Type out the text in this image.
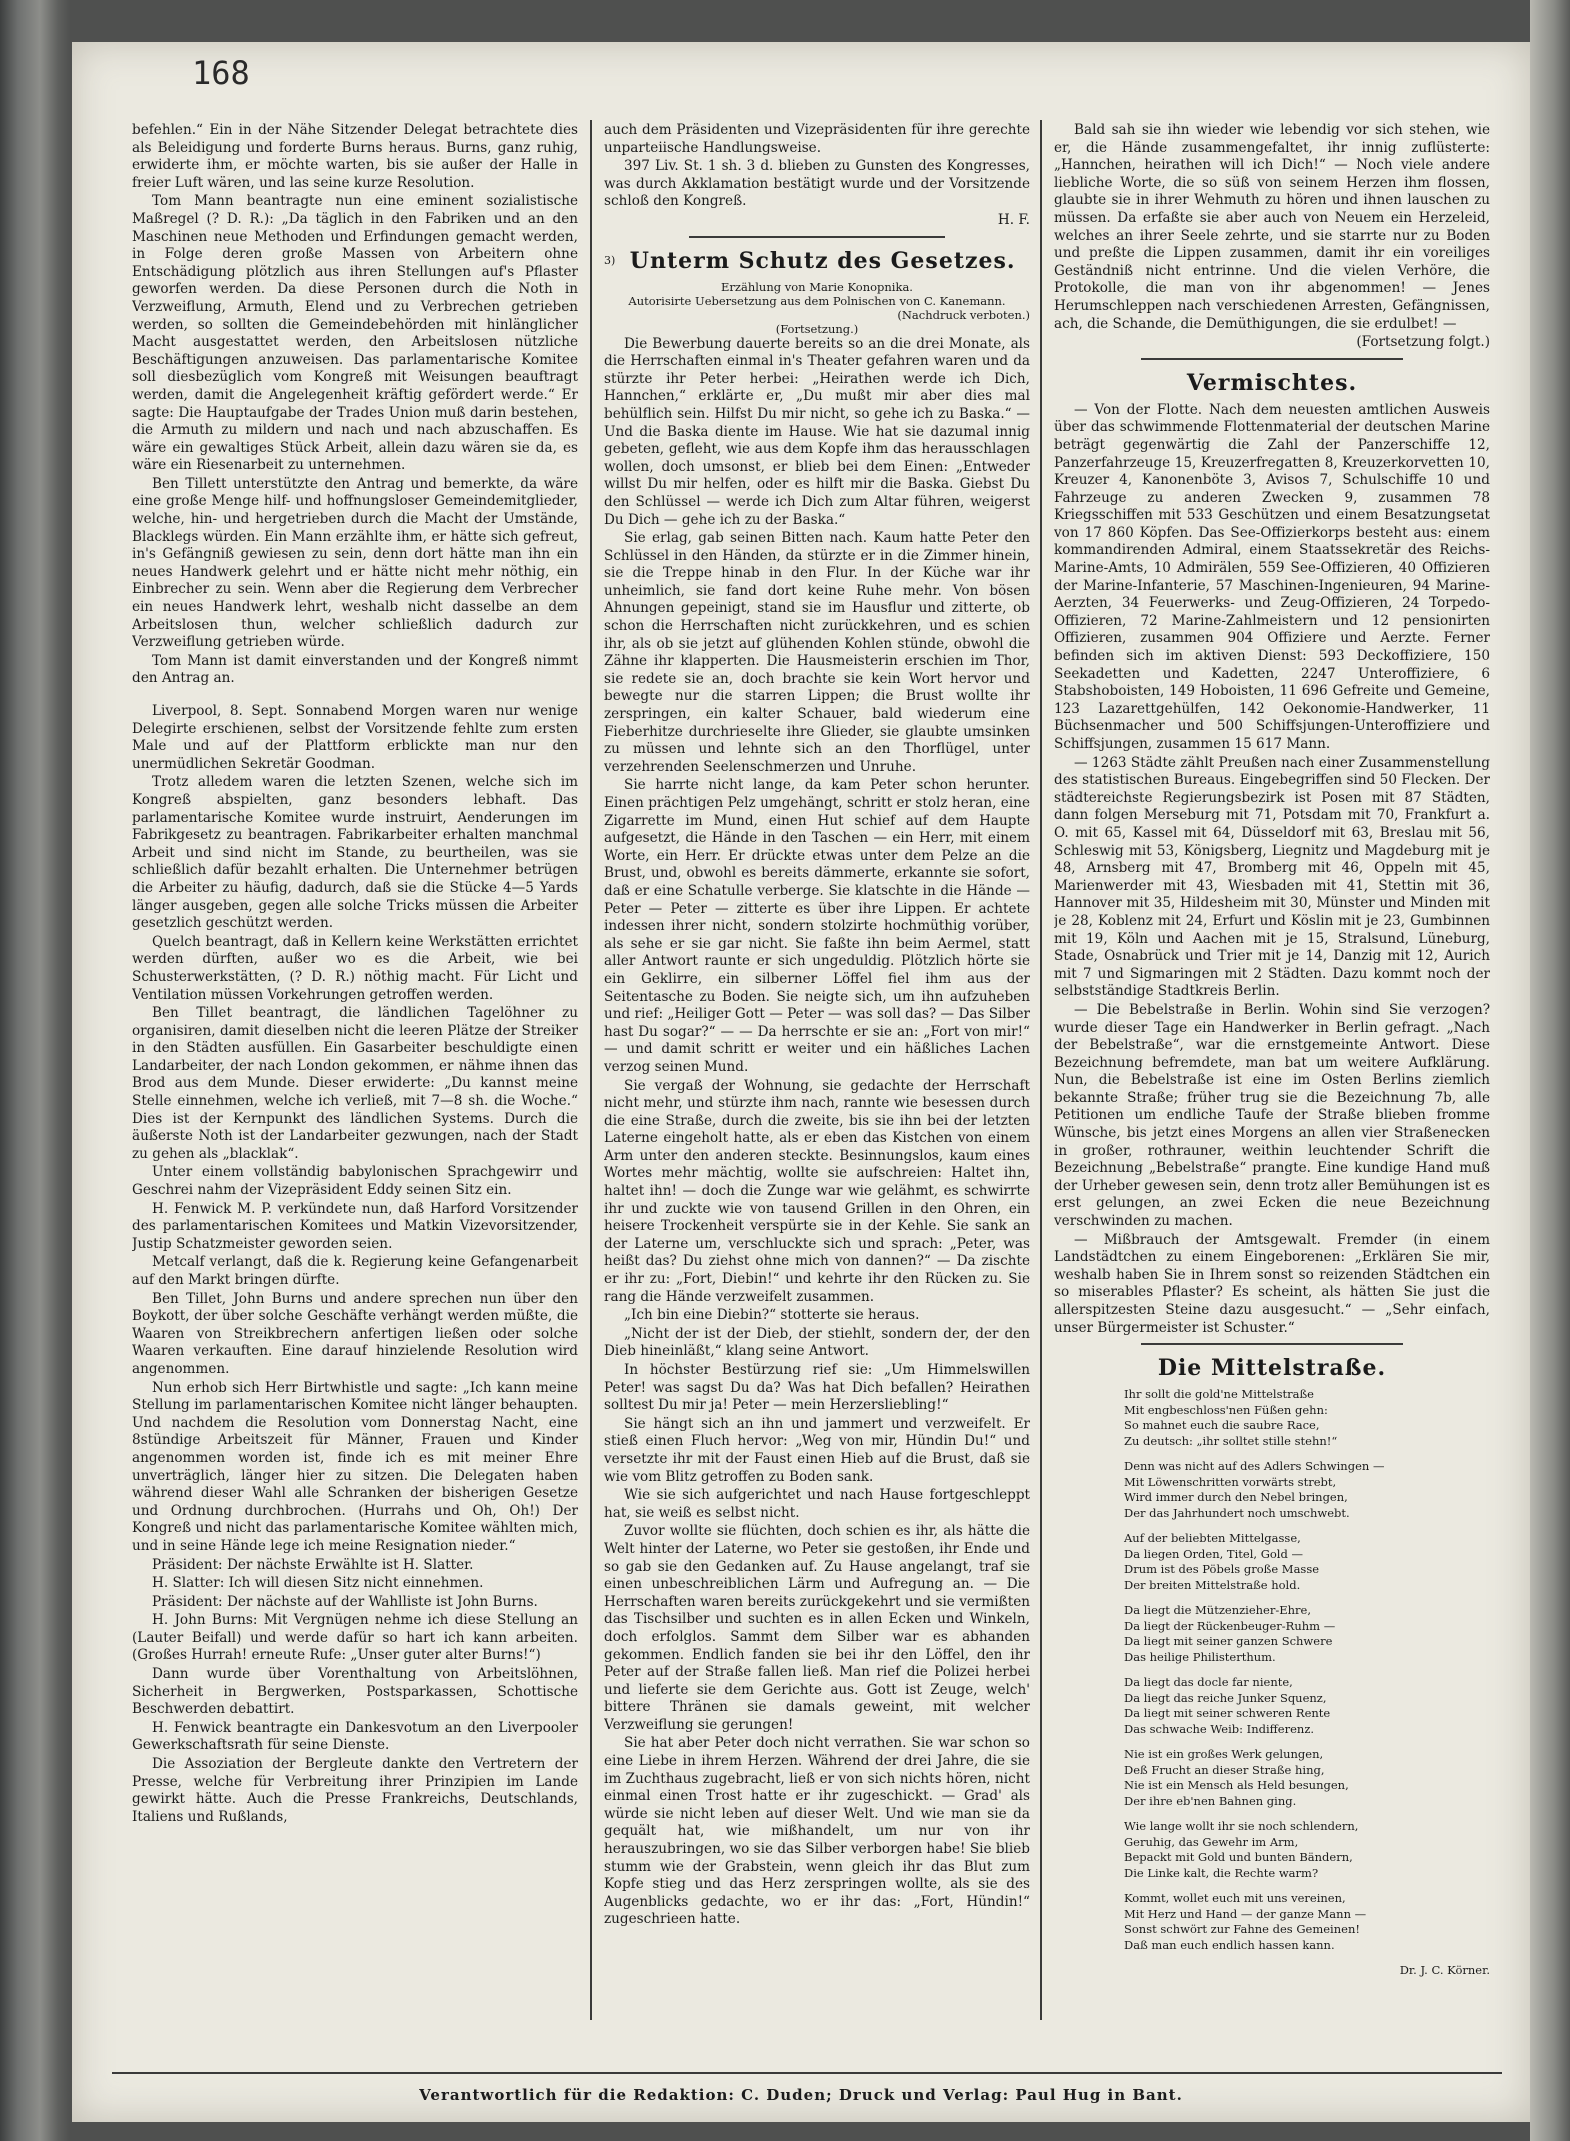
168

befehlen.“ Ein in der Nähe Sitzender Delegat betrachtete dies als Beleidigung und forderte Burns heraus. Burns, ganz ruhig, erwiderte ihm, er möchte warten, bis sie außer der Halle in freier Luft wären, und las seine kurze Resolution.

Tom Mann beantragte nun eine eminent sozialistische Maßregel (? D. R.): „Da täglich in den Fabriken und an den Maschinen neue Methoden und Erfindungen gemacht werden, in Folge deren große Massen von Arbeitern ohne Entschädigung plötzlich aus ihren Stellungen auf's Pflaster geworfen werden. Da diese Personen durch die Noth in Verzweiflung, Armuth, Elend und zu Verbrechen getrieben werden, so sollten die Gemeindebehörden mit hinlänglicher Macht ausgestattet werden, den Arbeitslosen nützliche Beschäftigungen anzuweisen. Das parlamentarische Komitee soll diesbezüglich vom Kongreß mit Weisungen beauftragt werden, damit die Angelegenheit kräftig gefördert werde.“ Er sagte: Die Hauptaufgabe der Trades Union muß darin bestehen, die Armuth zu mildern und nach und nach abzuschaffen. Es wäre ein gewaltiges Stück Arbeit, allein dazu wären sie da, es wäre ein Riesenarbeit zu unternehmen.

Ben Tillett unterstützte den Antrag und bemerkte, da wäre eine große Menge hilf- und hoffnungsloser Gemeindemitglieder, welche, hin- und hergetrieben durch die Macht der Umstände, Blacklegs würden. Ein Mann erzählte ihm, er hätte sich gefreut, in's Gefängniß gewiesen zu sein, denn dort hätte man ihn ein neues Handwerk gelehrt und er hätte nicht mehr nöthig, ein Einbrecher zu sein. Wenn aber die Regierung dem Verbrecher ein neues Handwerk lehrt, weshalb nicht dasselbe an dem Arbeitslosen thun, welcher schließlich dadurch zur Verzweiflung getrieben würde.

Tom Mann ist damit einverstanden und der Kongreß nimmt den Antrag an.

Liverpool, 8. Sept. Sonnabend Morgen waren nur wenige Delegirte erschienen, selbst der Vorsitzende fehlte zum ersten Male und auf der Plattform erblickte man nur den unermüdlichen Sekretär Goodman.

Trotz alledem waren die letzten Szenen, welche sich im Kongreß abspielten, ganz besonders lebhaft. Das parlamentarische Komitee wurde instruirt, Aenderungen im Fabrikgesetz zu beantragen. Fabrikarbeiter erhalten manchmal Arbeit und sind nicht im Stande, zu beurtheilen, was sie schließlich dafür bezahlt erhalten. Die Unternehmer betrügen die Arbeiter zu häufig, dadurch, daß sie die Stücke 4—5 Yards länger ausgeben, gegen alle solche Tricks müssen die Arbeiter gesetzlich geschützt werden.

Quelch beantragt, daß in Kellern keine Werkstätten errichtet werden dürften, außer wo es die Arbeit, wie bei Schusterwerkstätten, (? D. R.) nöthig macht. Für Licht und Ventilation müssen Vorkehrungen getroffen werden.

Ben Tillet beantragt, die ländlichen Tagelöhner zu organisiren, damit dieselben nicht die leeren Plätze der Streiker in den Städten ausfüllen. Ein Gasarbeiter beschuldigte einen Landarbeiter, der nach London gekommen, er nähme ihnen das Brod aus dem Munde. Dieser erwiderte: „Du kannst meine Stelle einnehmen, welche ich verließ, mit 7—8 sh. die Woche.“ Dies ist der Kernpunkt des ländlichen Systems. Durch die äußerste Noth ist der Landarbeiter gezwungen, nach der Stadt zu gehen als „blacklak“.

Unter einem vollständig babylonischen Sprachgewirr und Geschrei nahm der Vizepräsident Eddy seinen Sitz ein.

H. Fenwick M. P. verkündete nun, daß Harford Vorsitzender des parlamentarischen Komitees und Matkin Vizevorsitzender, Justip Schatzmeister geworden seien.

Metcalf verlangt, daß die k. Regierung keine Gefangenarbeit auf den Markt bringen dürfte.

Ben Tillet, John Burns und andere sprechen nun über den Boykott, der über solche Geschäfte verhängt werden müßte, die Waaren von Streikbrechern anfertigen ließen oder solche Waaren verkauften. Eine darauf hinzielende Resolution wird angenommen.

Nun erhob sich Herr Birtwhistle und sagte: „Ich kann meine Stellung im parlamentarischen Komitee nicht länger behaupten. Und nachdem die Resolution vom Donnerstag Nacht, eine 8stündige Arbeitszeit für Männer, Frauen und Kinder angenommen worden ist, finde ich es mit meiner Ehre unverträglich, länger hier zu sitzen. Die Delegaten haben während dieser Wahl alle Schranken der bisherigen Gesetze und Ordnung durchbrochen. (Hurrahs und Oh, Oh!) Der Kongreß und nicht das parlamentarische Komitee wählten mich, und in seine Hände lege ich meine Resignation nieder.“

Präsident: Der nächste Erwählte ist H. Slatter.

H. Slatter: Ich will diesen Sitz nicht einnehmen.

Präsident: Der nächste auf der Wahlliste ist John Burns.

H. John Burns: Mit Vergnügen nehme ich diese Stellung an (Lauter Beifall) und werde dafür so hart ich kann arbeiten. (Großes Hurrah! erneute Rufe: „Unser guter alter Burns!“)

Dann wurde über Vorenthaltung von Arbeitslöhnen, Sicherheit in Bergwerken, Postsparkassen, Schottische Beschwerden debattirt.

H. Fenwick beantragte ein Dankesvotum an den Liverpooler Gewerkschaftsrath für seine Dienste.

Die Assoziation der Bergleute dankte den Vertretern der Presse, welche für Verbreitung ihrer Prinzipien im Lande gewirkt hätte. Auch die Presse Frankreichs, Deutschlands, Italiens und Rußlands,

auch dem Präsidenten und Vizepräsidenten für ihre gerechte unparteiische Handlungsweise.

397 Liv. St. 1 sh. 3 d. blieben zu Gunsten des Kongresses, was durch Akklamation bestätigt wurde und der Vorsitzende schloß den Kongreß.

H. F.

3) Unterm Schutz des Gesetzes.
Erzählung von Marie Konopnika.
Autorisirte Uebersetzung aus dem Polnischen von C. Kanemann.
(Nachdruck verboten.)
(Fortsetzung.)

Die Bewerbung dauerte bereits so an die drei Monate, als die Herrschaften einmal in's Theater gefahren waren und da stürzte ihr Peter herbei: „Heirathen werde ich Dich, Hannchen,“ erklärte er, „Du mußt mir aber dies mal behülflich sein. Hilfst Du mir nicht, so gehe ich zu Baska.“ — Und die Baska diente im Hause. Wie hat sie dazumal innig gebeten, gefleht, wie aus dem Kopfe ihm das herausschlagen wollen, doch umsonst, er blieb bei dem Einen: „Entweder willst Du mir helfen, oder es hilft mir die Baska. Giebst Du den Schlüssel — werde ich Dich zum Altar führen, weigerst Du Dich — gehe ich zu der Baska.“

Sie erlag, gab seinen Bitten nach. Kaum hatte Peter den Schlüssel in den Händen, da stürzte er in die Zimmer hinein, sie die Treppe hinab in den Flur. In der Küche war ihr unheimlich, sie fand dort keine Ruhe mehr. Von bösen Ahnungen gepeinigt, stand sie im Hausflur und zitterte, ob schon die Herrschaften nicht zurückkehren, und es schien ihr, als ob sie jetzt auf glühenden Kohlen stünde, obwohl die Zähne ihr klapperten. Die Hausmeisterin erschien im Thor, sie redete sie an, doch brachte sie kein Wort hervor und bewegte nur die starren Lippen; die Brust wollte ihr zerspringen, ein kalter Schauer, bald wiederum eine Fieberhitze durchrieselte ihre Glieder, sie glaubte umsinken zu müssen und lehnte sich an den Thorflügel, unter verzehrenden Seelenschmerzen und Unruhe.

Sie harrte nicht lange, da kam Peter schon herunter. Einen prächtigen Pelz umgehängt, schritt er stolz heran, eine Zigarrette im Mund, einen Hut schief auf dem Haupte aufgesetzt, die Hände in den Taschen — ein Herr, mit einem Worte, ein Herr. Er drückte etwas unter dem Pelze an die Brust, und, obwohl es bereits dämmerte, erkannte sie sofort, daß er eine Schatulle verberge. Sie klatschte in die Hände — Peter — Peter — zitterte es über ihre Lippen. Er achtete indessen ihrer nicht, sondern stolzirte hochmüthig vorüber, als sehe er sie gar nicht. Sie faßte ihn beim Aermel, statt aller Antwort raunte er sich ungeduldig. Plötzlich hörte sie ein Geklirre, ein silberner Löffel fiel ihm aus der Seitentasche zu Boden. Sie neigte sich, um ihn aufzuheben und rief: „Heiliger Gott — Peter — was soll das? — Das Silber hast Du sogar?“ — — Da herrschte er sie an: „Fort von mir!“ — und damit schritt er weiter und ein häßliches Lachen verzog seinen Mund.

Sie vergaß der Wohnung, sie gedachte der Herrschaft nicht mehr, und stürzte ihm nach, rannte wie besessen durch die eine Straße, durch die zweite, bis sie ihn bei der letzten Laterne eingeholt hatte, als er eben das Kistchen von einem Arm unter den anderen steckte. Besinnungslos, kaum eines Wortes mehr mächtig, wollte sie aufschreien: Haltet ihn, haltet ihn! — doch die Zunge war wie gelähmt, es schwirrte ihr und zuckte wie von tausend Grillen in den Ohren, ein heisere Trockenheit verspürte sie in der Kehle. Sie sank an der Laterne um, verschluckte sich und sprach: „Peter, was heißt das? Du ziehst ohne mich von dannen?“ — Da zischte er ihr zu: „Fort, Diebin!“ und kehrte ihr den Rücken zu. Sie rang die Hände verzweifelt zusammen.

„Ich bin eine Diebin?“ stotterte sie heraus.

„Nicht der ist der Dieb, der stiehlt, sondern der, der den Dieb hineinläßt,“ klang seine Antwort.

In höchster Bestürzung rief sie: „Um Himmelswillen Peter! was sagst Du da? Was hat Dich befallen? Heirathen solltest Du mir ja! Peter — mein Herzersliebling!“

Sie hängt sich an ihn und jammert und verzweifelt. Er stieß einen Fluch hervor: „Weg von mir, Hündin Du!“ und versetzte ihr mit der Faust einen Hieb auf die Brust, daß sie wie vom Blitz getroffen zu Boden sank.

Wie sie sich aufgerichtet und nach Hause fortgeschleppt hat, sie weiß es selbst nicht.

Zuvor wollte sie flüchten, doch schien es ihr, als hätte die Welt hinter der Laterne, wo Peter sie gestoßen, ihr Ende und so gab sie den Gedanken auf. Zu Hause angelangt, traf sie einen unbeschreiblichen Lärm und Aufregung an. — Die Herrschaften waren bereits zurückgekehrt und sie vermißten das Tischsilber und suchten es in allen Ecken und Winkeln, doch erfolglos. Sammt dem Silber war es abhanden gekommen. Endlich fanden sie bei ihr den Löffel, den ihr Peter auf der Straße fallen ließ. Man rief die Polizei herbei und lieferte sie dem Gerichte aus. Gott ist Zeuge, welch' bittere Thränen sie damals geweint, mit welcher Verzweiflung sie gerungen!

Sie hat aber Peter doch nicht verrathen. Sie war schon so eine Liebe in ihrem Herzen. Während der drei Jahre, die sie im Zuchthaus zugebracht, ließ er von sich nichts hören, nicht einmal einen Trost hatte er ihr zugeschickt. — Grad' als würde sie nicht leben auf dieser Welt. Und wie man sie da gequält hat, wie mißhandelt, um nur von ihr herauszubringen, wo sie das Silber verborgen habe! Sie blieb stumm wie der Grabstein, wenn gleich ihr das Blut zum Kopfe stieg und das Herz zerspringen wollte, als sie des Augenblicks gedachte, wo er ihr das: „Fort, Hündin!“ zugeschrieen hatte.

Bald sah sie ihn wieder wie lebendig vor sich stehen, wie er, die Hände zusammengefaltet, ihr innig zuflüsterte: „Hannchen, heirathen will ich Dich!“ — Noch viele andere liebliche Worte, die so süß von seinem Herzen ihm flossen, glaubte sie in ihrer Wehmuth zu hören und ihnen lauschen zu müssen. Da erfaßte sie aber auch von Neuem ein Herzeleid, welches an ihrer Seele zehrte, und sie starrte nur zu Boden und preßte die Lippen zusammen, damit ihr ein voreiliges Geständniß nicht entrinne. Und die vielen Verhöre, die Protokolle, die man von ihr abgenommen! — Jenes Herumschleppen nach verschiedenen Arresten, Gefängnissen, ach, die Schande, die Demüthigungen, die sie erdulbet! —

(Fortsetzung folgt.)

Vermischtes.

— Von der Flotte. Nach dem neuesten amtlichen Ausweis über das schwimmende Flottenmaterial der deutschen Marine beträgt gegenwärtig die Zahl der Panzerschiffe 12, Panzerfahrzeuge 15, Kreuzerfregatten 8, Kreuzerkorvetten 10, Kreuzer 4, Kanonenböte 3, Avisos 7, Schulschiffe 10 und Fahrzeuge zu anderen Zwecken 9, zusammen 78 Kriegsschiffen mit 533 Geschützen und einem Besatzungsetat von 17 860 Köpfen. Das See-Offizierkorps besteht aus: einem kommandirenden Admiral, einem Staatssekretär des Reichs-Marine-Amts, 10 Admirälen, 559 See-Offizieren, 40 Offizieren der Marine-Infanterie, 57 Maschinen-Ingenieuren, 94 Marine-Aerzten, 34 Feuerwerks- und Zeug-Offizieren, 24 Torpedo-Offizieren, 72 Marine-Zahlmeistern und 12 pensionirten Offizieren, zusammen 904 Offiziere und Aerzte. Ferner befinden sich im aktiven Dienst: 593 Deckoffiziere, 150 Seekadetten und Kadetten, 2247 Unteroffiziere, 6 Stabshoboisten, 149 Hoboisten, 11 696 Gefreite und Gemeine, 123 Lazarettgehülfen, 142 Oekonomie-Handwerker, 11 Büchsenmacher und 500 Schiffsjungen-Unteroffiziere und Schiffsjungen, zusammen 15 617 Mann.

— 1263 Städte zählt Preußen nach einer Zusammenstellung des statistischen Bureaus. Eingebegriffen sind 50 Flecken. Der städtereichste Regierungsbezirk ist Posen mit 87 Städten, dann folgen Merseburg mit 71, Potsdam mit 70, Frankfurt a. O. mit 65, Kassel mit 64, Düsseldorf mit 63, Breslau mit 56, Schleswig mit 53, Königsberg, Liegnitz und Magdeburg mit je 48, Arnsberg mit 47, Bromberg mit 46, Oppeln mit 45, Marienwerder mit 43, Wiesbaden mit 41, Stettin mit 36, Hannover mit 35, Hildesheim mit 30, Münster und Minden mit je 28, Koblenz mit 24, Erfurt und Köslin mit je 23, Gumbinnen mit 19, Köln und Aachen mit je 15, Stralsund, Lüneburg, Stade, Osnabrück und Trier mit je 14, Danzig mit 12, Aurich mit 7 und Sigmaringen mit 2 Städten. Dazu kommt noch der selbstständige Stadtkreis Berlin.

— Die Bebelstraße in Berlin. Wohin sind Sie verzogen? wurde dieser Tage ein Handwerker in Berlin gefragt. „Nach der Bebelstraße“, war die ernstgemeinte Antwort. Diese Bezeichnung befremdete, man bat um weitere Aufklärung. Nun, die Bebelstraße ist eine im Osten Berlins ziemlich bekannte Straße; früher trug sie die Bezeichnung 7b, alle Petitionen um endliche Taufe der Straße blieben fromme Wünsche, bis jetzt eines Morgens an allen vier Straßenecken in großer, rothrauner, weithin leuchtender Schrift die Bezeichnung „Bebelstraße“ prangte. Eine kundige Hand muß der Urheber gewesen sein, denn trotz aller Bemühungen ist es erst gelungen, an zwei Ecken die neue Bezeichnung verschwinden zu machen.

— Mißbrauch der Amtsgewalt. Fremder (in einem Landstädtchen zu einem Eingeborenen: „Erklären Sie mir, weshalb haben Sie in Ihrem sonst so reizenden Städtchen ein so miserables Pflaster? Es scheint, als hätten Sie just die allerspitzesten Steine dazu ausgesucht.“ — „Sehr einfach, unser Bürgermeister ist Schuster.“

Die Mittelstraße.
Ihr sollt die gold'ne Mittelstraße
Mit engbeschloss'nen Füßen gehn:
So mahnet euch die saubre Race,
Zu deutsch: „ihr solltet stille stehn!“
Denn was nicht auf des Adlers Schwingen —
Mit Löwenschritten vorwärts strebt,
Wird immer durch den Nebel bringen,
Der das Jahrhundert noch umschwebt.
Auf der beliebten Mittelgasse,
Da liegen Orden, Titel, Gold —
Drum ist des Pöbels große Masse
Der breiten Mittelstraße hold.
Da liegt die Mützenzieher-Ehre,
Da liegt der Rückenbeuger-Ruhm —
Da liegt mit seiner ganzen Schwere
Das heilige Philisterthum.
Da liegt das docle far niente,
Da liegt das reiche Junker Squenz,
Da liegt mit seiner schweren Rente
Das schwache Weib: Indifferenz.
Nie ist ein großes Werk gelungen,
Deß Frucht an dieser Straße hing,
Nie ist ein Mensch als Held besungen,
Der ihre eb'nen Bahnen ging.
Wie lange wollt ihr sie noch schlendern,
Geruhig, das Gewehr im Arm,
Bepackt mit Gold und bunten Bändern,
Die Linke kalt, die Rechte warm?
Kommt, wollet euch mit uns vereinen,
Mit Herz und Hand — der ganze Mann —
Sonst schwört zur Fahne des Gemeinen!
Daß man euch endlich hassen kann.
Dr. J. C. Körner.
Verantwortlich für die Redaktion: C. Duden; Druck und Verlag: Paul Hug in Bant.
